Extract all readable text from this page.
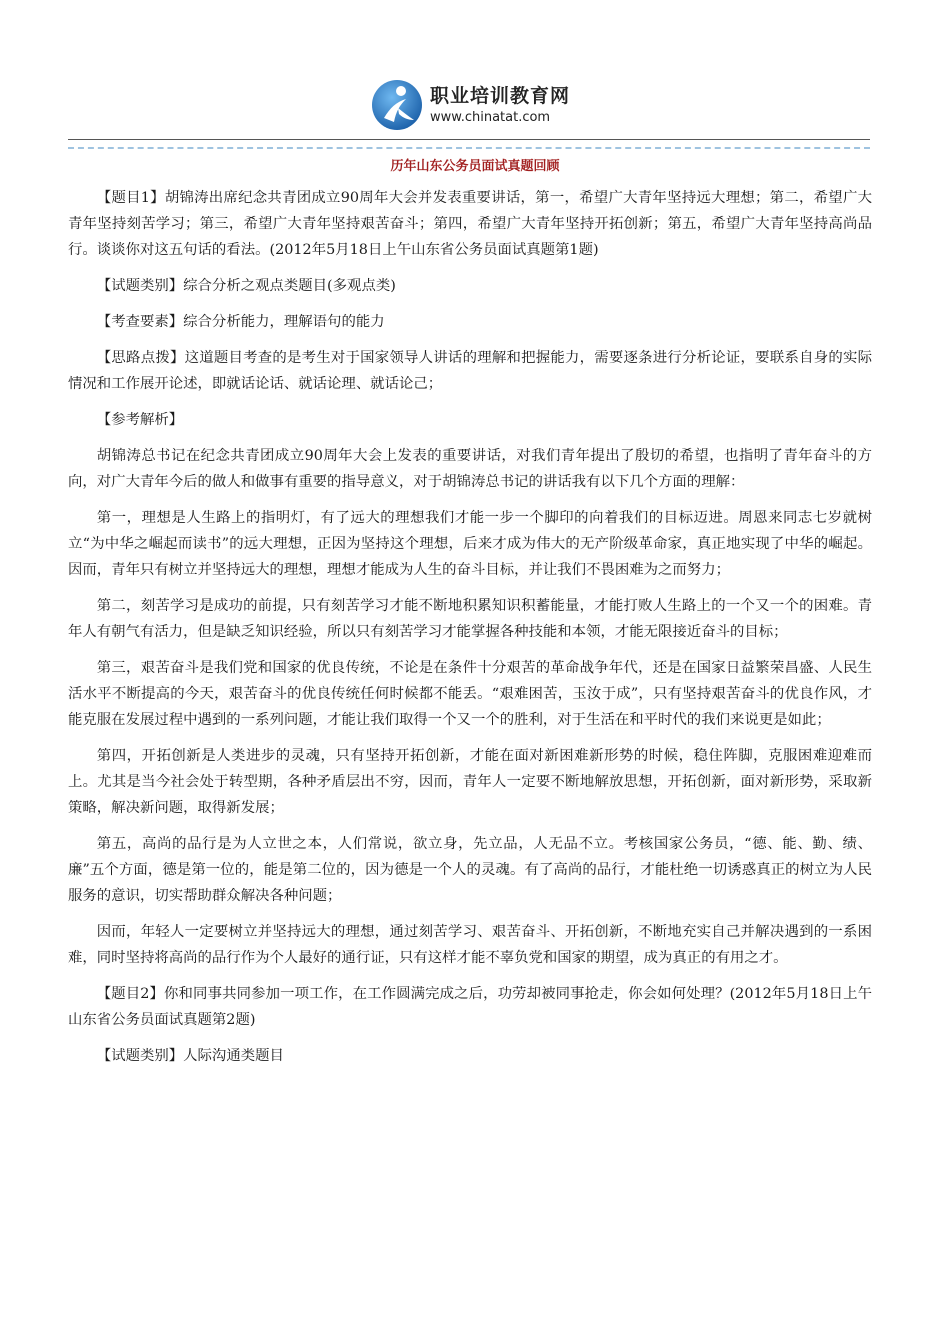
职业培训教育网
www.chinatat.com
历年山东公务员面试真题回顾

【题目1】胡锦涛出席纪念共青团成立90周年大会并发表重要讲话，第一，希望广大青年坚持远大理想；第二，希望广大青年坚持刻苦学习；第三，希望广大青年坚持艰苦奋斗；第四，希望广大青年坚持开拓创新；第五，希望广大青年坚持高尚品行。谈谈你对这五句话的看法。(2012年5月18日上午山东省公务员面试真题第1题)

【试题类别】综合分析之观点类题目(多观点类)

【考查要素】综合分析能力，理解语句的能力

【思路点拨】这道题目考查的是考生对于国家领导人讲话的理解和把握能力，需要逐条进行分析论证，要联系自身的实际情况和工作展开论述，即就话论话、就话论理、就话论己；

【参考解析】

胡锦涛总书记在纪念共青团成立90周年大会上发表的重要讲话，对我们青年提出了殷切的希望，也指明了青年奋斗的方向，对广大青年今后的做人和做事有重要的指导意义，对于胡锦涛总书记的讲话我有以下几个方面的理解：

第一，理想是人生路上的指明灯，有了远大的理想我们才能一步一个脚印的向着我们的目标迈进。周恩来同志七岁就树立“为中华之崛起而读书”的远大理想，正因为坚持这个理想，后来才成为伟大的无产阶级革命家，真正地实现了中华的崛起。因而，青年只有树立并坚持远大的理想，理想才能成为人生的奋斗目标，并让我们不畏困难为之而努力；

第二，刻苦学习是成功的前提，只有刻苦学习才能不断地积累知识积蓄能量，才能打败人生路上的一个又一个的困难。青年人有朝气有活力，但是缺乏知识经验，所以只有刻苦学习才能掌握各种技能和本领，才能无限接近奋斗的目标；

第三，艰苦奋斗是我们党和国家的优良传统，不论是在条件十分艰苦的革命战争年代，还是在国家日益繁荣昌盛、人民生活水平不断提高的今天，艰苦奋斗的优良传统任何时候都不能丢。“艰难困苦，玉汝于成”，只有坚持艰苦奋斗的优良作风，才能克服在发展过程中遇到的一系列问题，才能让我们取得一个又一个的胜利，对于生活在和平时代的我们来说更是如此；

第四，开拓创新是人类进步的灵魂，只有坚持开拓创新，才能在面对新困难新形势的时候，稳住阵脚，克服困难迎难而上。尤其是当今社会处于转型期，各种矛盾层出不穷，因而，青年人一定要不断地解放思想，开拓创新，面对新形势，采取新策略，解决新问题，取得新发展；

第五，高尚的品行是为人立世之本，人们常说，欲立身，先立品，人无品不立。考核国家公务员，“德、能、勤、绩、廉”五个方面，德是第一位的，能是第二位的，因为德是一个人的灵魂。有了高尚的品行，才能杜绝一切诱惑真正的树立为人民服务的意识，切实帮助群众解决各种问题；

因而，年轻人一定要树立并坚持远大的理想，通过刻苦学习、艰苦奋斗、开拓创新，不断地充实自己并解决遇到的一系困难，同时坚持将高尚的品行作为个人最好的通行证，只有这样才能不辜负党和国家的期望，成为真正的有用之才。

【题目2】你和同事共同参加一项工作，在工作圆满完成之后，功劳却被同事抢走，你会如何处理？(2012年5月18日上午山东省公务员面试真题第2题)

【试题类别】人际沟通类题目
